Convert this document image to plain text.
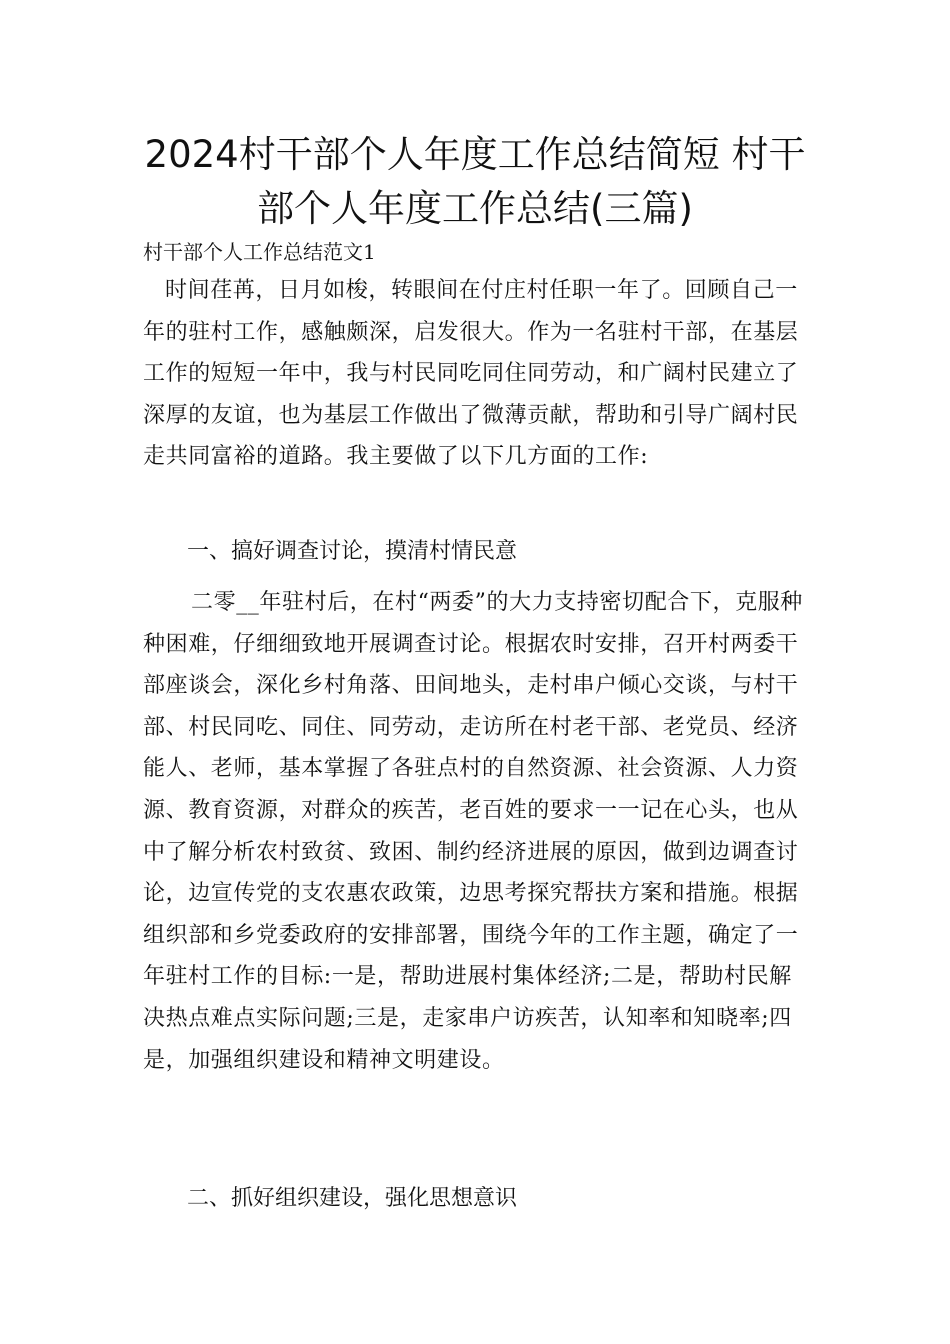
2024村干部个人年度工作总结简短 村干部个人年度工作总结(三篇)
村干部个人工作总结范文1

时间荏苒，日月如梭，转眼间在付庄村任职一年了。回顾自己一年的驻村工作，感触颇深，启发很大。作为一名驻村干部，在基层工作的短短一年中，我与村民同吃同住同劳动，和广阔村民建立了深厚的友谊，也为基层工作做出了微薄贡献，帮助和引导广阔村民走共同富裕的道路。我主要做了以下几方面的工作:

一、搞好调查讨论，摸清村情民意

二零__年驻村后，在村“两委”的大力支持密切配合下，克服种种困难，仔细细致地开展调查讨论。根据农时安排，召开村两委干部座谈会，深化乡村角落、田间地头，走村串户倾心交谈，与村干部、村民同吃、同住、同劳动，走访所在村老干部、老党员、经济能人、老师，基本掌握了各驻点村的自然资源、社会资源、人力资源、教育资源，对群众的疾苦，老百姓的要求一一记在心头，也从中了解分析农村致贫、致困、制约经济进展的原因，做到边调查讨论，边宣传党的支农惠农政策，边思考探究帮扶方案和措施。根据组织部和乡党委政府的安排部署，围绕今年的工作主题，确定了一年驻村工作的目标:一是，帮助进展村集体经济;二是，帮助村民解决热点难点实际问题;三是，走家串户访疾苦，认知率和知晓率;四是，加强组织建设和精神文明建设。

二、抓好组织建设，强化思想意识
